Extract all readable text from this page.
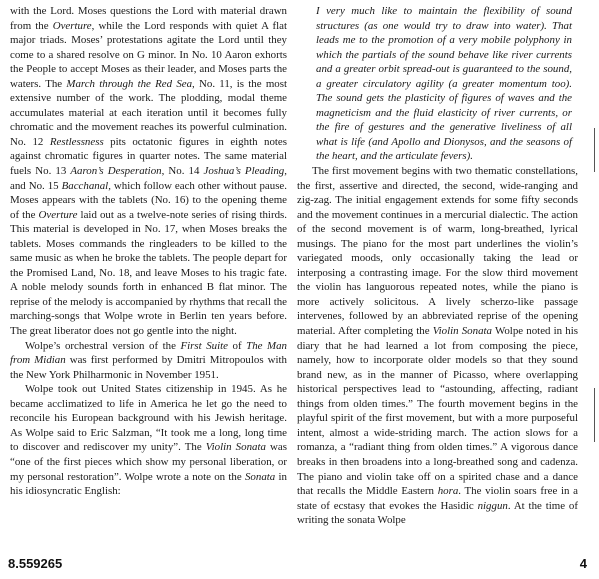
with the Lord. Moses questions the Lord with material drawn from the Overture, while the Lord responds with quiet A flat major triads. Moses’ protestations agitate the Lord until they come to a shared resolve on G minor. In No. 10 Aaron exhorts the People to accept Moses as their leader, and Moses parts the waters. The March through the Red Sea, No. 11, is the most extensive number of the work. The plodding, modal theme accumulates material at each iteration until it becomes fully chromatic and the movement reaches its powerful culmination. No. 12 Restlessness pits octatonic figures in eighth notes against chromatic figures in quarter notes. The same material fuels No. 13 Aaron’s Desperation, No. 14 Joshua’s Pleading, and No. 15 Bacchanal, which follow each other without pause. Moses appears with the tablets (No. 16) to the opening theme of the Overture laid out as a twelve-note series of rising thirds. This material is developed in No. 17, when Moses breaks the tablets. Moses commands the ringleaders to be killed to the same music as when he broke the tablets. The people depart for the Promised Land, No. 18, and leave Moses to his tragic fate. A noble melody sounds forth in enhanced B flat minor. The reprise of the melody is accompanied by rhythms that recall the marching-songs that Wolpe wrote in Berlin ten years before. The great liberator does not go gentle into the night.

Wolpe’s orchestral version of the First Suite of The Man from Midian was first performed by Dmitri Mitropoulos with the New York Philharmonic in November 1951.

Wolpe took out United States citizenship in 1945. As he became acclimatized to life in America he let go the need to reconcile his European background with his Jewish heritage. As Wolpe said to Eric Salzman, “It took me a long, long time to discover and rediscover my unity”. The Violin Sonata was “one of the first pieces which show my personal liberation, or my personal restoration”. Wolpe wrote a note on the Sonata in his idiosyncratic English:

I very much like to maintain the flexibility of sound structures (as one would try to draw into water). That leads me to the promotion of a very mobile polyphony in which the partials of the sound behave like river currents and a greater orbit spread-out is guaranteed to the sound, a greater circulatory agility (a greater momentum too). The sound gets the plasticity of figures of waves and the magneticism and the fluid elasticity of river currents, or the fire of gestures and the generative liveliness of all what is life (and Apollo and Dionysos, and the seasons of the heart, and the articulate fevers).

The first movement begins with two thematic constellations, the first, assertive and directed, the second, wide-ranging and zig-zag. The initial engagement extends for some fifty seconds and the movement continues in a mercurial dialectic. The action of the second movement is of warm, long-breathed, lyrical musings. The piano for the most part underlines the violin’s variegated moods, only occasionally taking the lead or interposing a contrasting image. For the slow third movement the violin has languorous repeated notes, while the piano is more actively solicitous. A lively scherzo-like passage intervenes, followed by an abbreviated reprise of the opening material. After completing the Violin Sonata Wolpe noted in his diary that he had learned a lot from composing the piece, namely, how to incorporate older models so that they sound brand new, as in the manner of Picasso, where overlapping historical perspectives lead to “astounding, affecting, radiant things from olden times.” The fourth movement begins in the playful spirit of the first movement, but with a more purposeful intent, almost a wide-striding march. The action slows for a romanza, a “radiant thing from olden times.” A vigorous dance breaks in then broadens into a long-breathed song and cadenza. The piano and violin take off on a spirited chase and a dance that recalls the Middle Eastern hora. The violin soars free in a state of ecstasy that evokes the Hasidic niggun. At the time of writing the sonata Wolpe

8.559265	4
